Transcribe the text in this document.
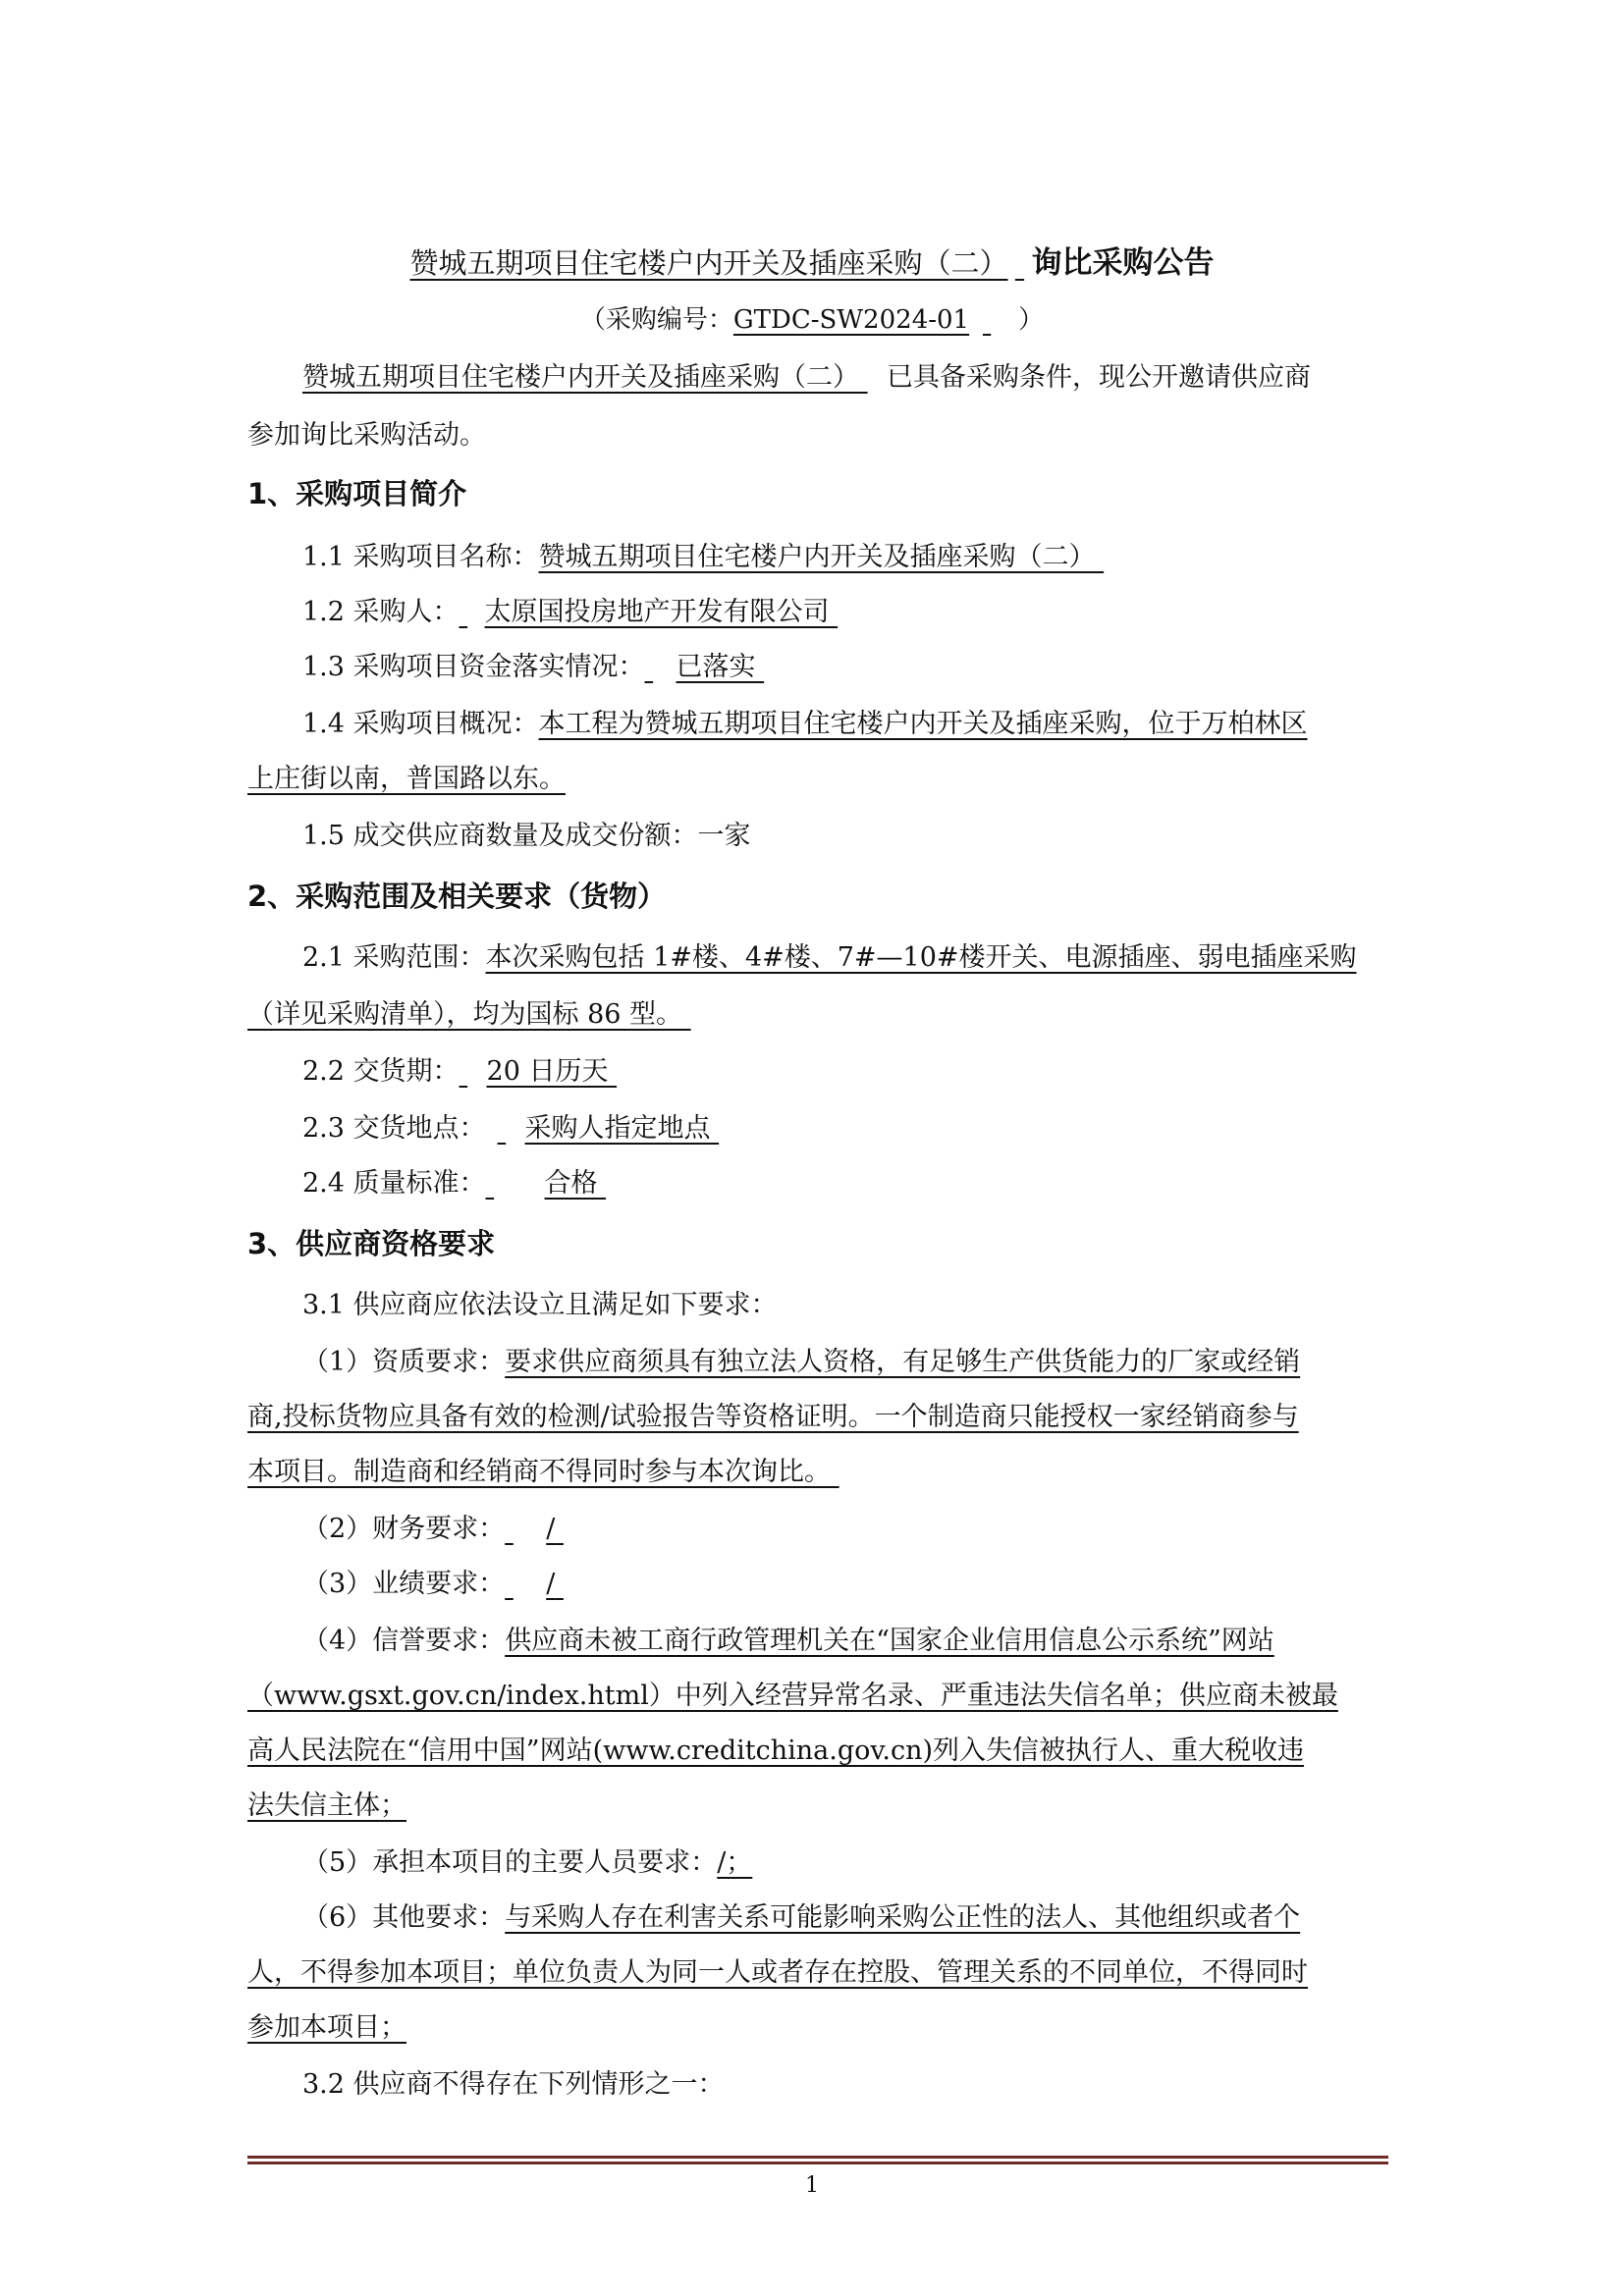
赞城五期项目住宅楼户内开关及插座采购（二） 询比采购公告
（采购编号：GTDC-SW2024-01 ）
赞城五期项目住宅楼户内开关及插座采购（二） 已具备采购条件，现公开邀请供应商
参加询比采购活动。
1、采购项目简介
1.1 采购项目名称：赞城五期项目住宅楼户内开关及插座采购（二）
1.2 采购人： 太原国投房地产开发有限公司
1.3 采购项目资金落实情况： 已落实
1.4 采购项目概况：本工程为赞城五期项目住宅楼户内开关及插座采购，位于万柏林区
上庄街以南，普国路以东。
1.5 成交供应商数量及成交份额：一家
2、采购范围及相关要求（货物）
2.1 采购范围：本次采购包括 1#楼、4#楼、7#—10#楼开关、电源插座、弱电插座采购
（详见采购清单），均为国标 86 型。
2.2 交货期： 20 日历天
2.3 交货地点： 采购人指定地点
2.4 质量标准： 合格
3、供应商资格要求
3.1 供应商应依法设立且满足如下要求：
（1）资质要求：要求供应商须具有独立法人资格，有足够生产供货能力的厂家或经销
商,投标货物应具备有效的检测/试验报告等资格证明。一个制造商只能授权一家经销商参与
本项目。制造商和经销商不得同时参与本次询比。
（2）财务要求： /
（3）业绩要求： /
（4）信誉要求：供应商未被工商行政管理机关在“国家企业信用信息公示系统”网站
（www.gsxt.gov.cn/index.html）中列入经营异常名录、严重违法失信名单；供应商未被最
高人民法院在“信用中国”网站(www.creditchina.gov.cn)列入失信被执行人、重大税收违
法失信主体；
（5）承担本项目的主要人员要求：/；
（6）其他要求：与采购人存在利害关系可能影响采购公正性的法人、其他组织或者个
人，不得参加本项目；单位负责人为同一人或者存在控股、管理关系的不同单位，不得同时
参加本项目；
3.2 供应商不得存在下列情形之一：
1
